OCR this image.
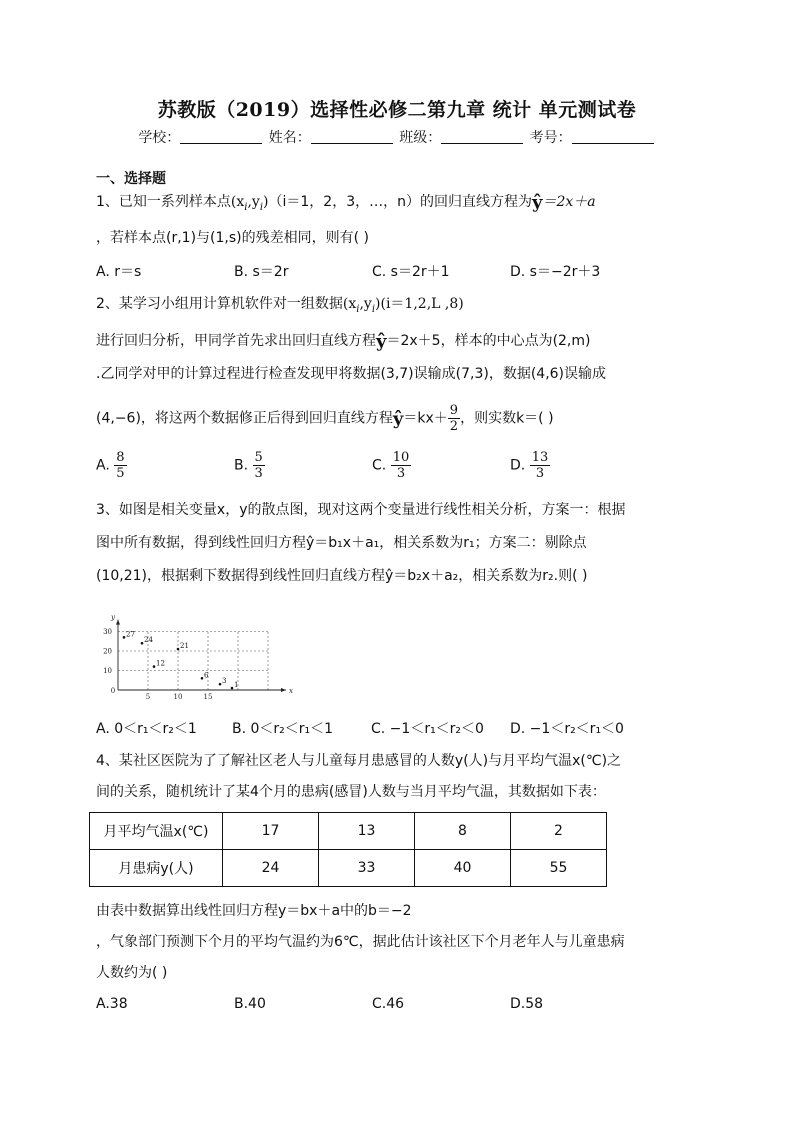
苏教版（2019）选择性必修二第九章 统计 单元测试卷
学校：	姓名：	班级：	考号：
一、选择题
1、已知一系列样本点$(x_i,y_i)(i=1$，2，3，…，n）的回归直线方程为ŷ＝2x＋a
，若样本点(r,1)与(1,s)的残差相同，则有( )
A. r＝s	B. s＝2r	C. s＝2r＋1	D. s＝−2r＋3
2、某学习小组用计算机软件对一组数据$(x_i,y_i)(i=1,2,L$ ,8)
进行回归分析，甲同学首先求出回归直线方程ŷ＝2x＋5，样本的中心点为(2,m)
.乙同学对甲的计算过程进行检查发现甲将数据(3,7)误输成(7,3)，数据(4,6)误输成
(4,−6)，将这两个数据修正后得到回归直线方程ŷ＝kx＋ $\frac{9}{2}$ ，则实数k＝( )
A. $\frac{8}{5}$	B. $\frac{5}{3}$	C. $\frac{10}{3}$	D. $\frac{13}{3}$
3、如图是相关变量x，y的散点图，现对这两个变量进行线性相关分析，方案一：根据
图中所有数据，得到线性回归方程ŷ＝b₁x＋a₁，相关系数为r₁；方案二：剔除点
(10,21)，根据剩下数据得到线性回归直线方程ŷ＝b₂x＋a₂，相关系数为r₂.则( )
x
y
0
5	10	15
10
20
30 27
24
21
12
6
3 1
A. 0＜r₁＜r₂＜1	B. 0＜r₂＜r₁＜1	C. −1＜r₁＜r₂＜0 D. −1＜r₂＜r₁＜0
4、某社区医院为了了解社区老人与儿童每月患感冒的人数y(人)与月平均气温x(℃)之
间的关系，随机统计了某4个月的患病(感冒)人数与当月平均气温，其数据如下表：
月平均气温x(℃)	17	13	8	2
月患病y(人)	24	33	40	55
由表中数据算出线性回归方程y＝bx＋a中的b＝−2
，气象部门预测下个月的平均气温约为6℃，据此估计该社区下个月老年人与儿童患病
人数约为( )
A.38	B.40	C.46	D.58
